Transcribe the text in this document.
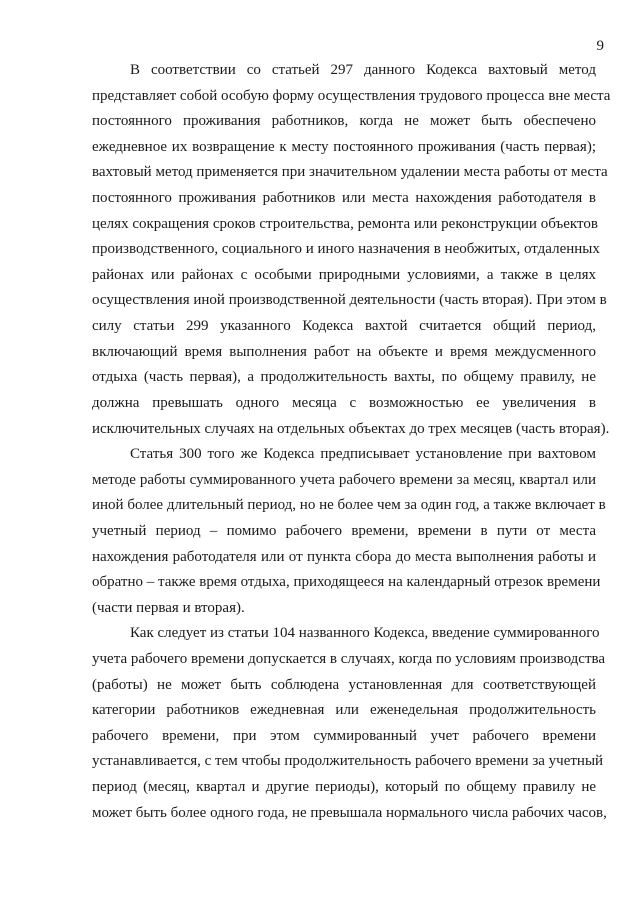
9
В соответствии со статьей 297 данного Кодекса вахтовый метод
представляет собой особую форму осуществления трудового процесса вне места
постоянного проживания работников, когда не может быть обеспечено
ежедневное их возвращение к месту постоянного проживания (часть первая);
вахтовый метод применяется при значительном удалении места работы от места
постоянного проживания работников или места нахождения работодателя в
целях сокращения сроков строительства, ремонта или реконструкции объектов
производственного, социального и иного назначения в необжитых, отдаленных
районах или районах с особыми природными условиями, а также в целях
осуществления иной производственной деятельности (часть вторая). При этом в
силу статьи 299 указанного Кодекса вахтой считается общий период,
включающий время выполнения работ на объекте и время междусменного
отдыха (часть первая), а продолжительность вахты, по общему правилу, не
должна превышать одного месяца с возможностью ее увеличения в
исключительных случаях на отдельных объектах до трех месяцев (часть вторая).
Статья 300 того же Кодекса предписывает установление при вахтовом
методе работы суммированного учета рабочего времени за месяц, квартал или
иной более длительный период, но не более чем за один год, а также включает в
учетный период – помимо рабочего времени, времени в пути от места
нахождения работодателя или от пункта сбора до места выполнения работы и
обратно – также время отдыха, приходящееся на календарный отрезок времени
(части первая и вторая).
Как следует из статьи 104 названного Кодекса, введение суммированного
учета рабочего времени допускается в случаях, когда по условиям производства
(работы) не может быть соблюдена установленная для соответствующей
категории работников ежедневная или еженедельная продолжительность
рабочего времени, при этом суммированный учет рабочего времени
устанавливается, с тем чтобы продолжительность рабочего времени за учетный
период (месяц, квартал и другие периоды), который по общему правилу не
может быть более одного года, не превышала нормального числа рабочих часов,
